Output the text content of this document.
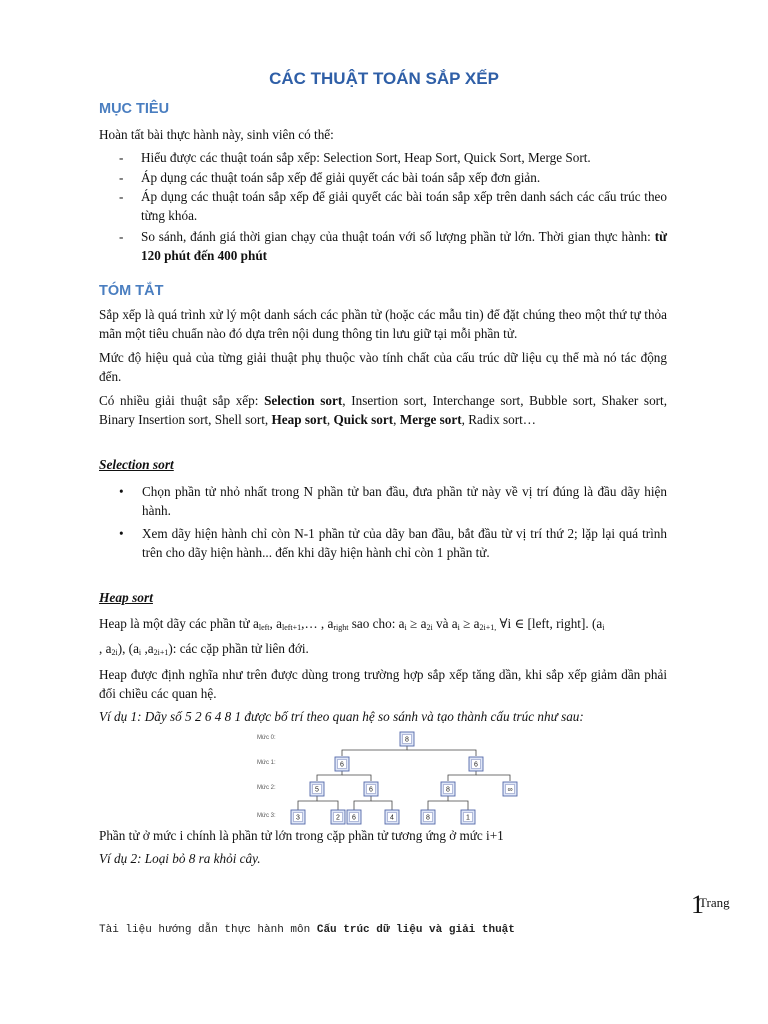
CÁC THUẬT TOÁN SẮP XẾP
MỤC TIÊU
Hoàn tất bài thực hành này, sinh viên có thể:
- Hiểu được các thuật toán sắp xếp: Selection Sort, Heap Sort, Quick Sort, Merge Sort.
- Áp dụng các thuật toán sắp xếp để giải quyết các bài toán sắp xếp đơn giản.
- Áp dụng các thuật toán sắp xếp để giải quyết các bài toán sắp xếp trên danh sách các cấu trúc theo từng khóa.
- So sánh, đánh giá thời gian chạy của thuật toán với số lượng phần tử lớn. Thời gian thực hành: từ 120 phút đến 400 phút
TÓM TẮT
Sắp xếp là quá trình xử lý một danh sách các phần tử (hoặc các mẫu tin) để đặt chúng theo một thứ tự thỏa mãn một tiêu chuẩn nào đó dựa trên nội dung thông tin lưu giữ tại mỗi phần tử.
Mức độ hiệu quả của từng giải thuật phụ thuộc vào tính chất của cấu trúc dữ liệu cụ thể mà nó tác động đến.
Có nhiều giải thuật sắp xếp: Selection sort, Insertion sort, Interchange sort, Bubble sort, Shaker sort, Binary Insertion sort, Shell sort, Heap sort, Quick sort, Merge sort, Radix sort…
Selection sort
• Chọn phần tử nhỏ nhất trong N phần tử ban đầu, đưa phần tử này về vị trí đúng là đầu dãy hiện hành.
• Xem dãy hiện hành chỉ còn N-1 phần tử của dãy ban đầu, bắt đầu từ vị trí thứ 2; lặp lại quá trình trên cho dãy hiện hành... đến khi dãy hiện hành chỉ còn 1 phần tử.
Heap sort
Heap là một dãy các phần tử $a_{left}$, $a_{left+1},\dots$ , $a_{right}$ sao cho: $a_i \ge a_{2i}$ và $a_i \ge a_{2i+1,}$ ∀i ∈ [left, right]. ($a_i$
, $a_{2i}$), ($a_i$ $,a_{2i+1}$): các cặp phần tử liên đới.
Heap được định nghĩa như trên được dùng trong trường hợp sắp xếp tăng dần, khi sắp xếp giảm dần phải đối chiều các quan hệ.
Ví dụ 1: Dãy số 5 2 6 4 8 1 được bố trí theo quan hệ so sánh và tạo thành cấu trúc như sau:
Mức 0:
Mức 1:
Mức 2:
Mức 3:
8
6	6
5	6	8	∞
3	2 6	4	8	1
Phần tử ở mức i chính là phần tử lớn trong cặp phần tử tương ứng ở mức i+1
Ví dụ 2: Loại bỏ 8 ra khỏi cây.
1
Trang
Tài liệu hướng dẫn thực hành môn Cấu trúc dữ liệu và giải thuật
